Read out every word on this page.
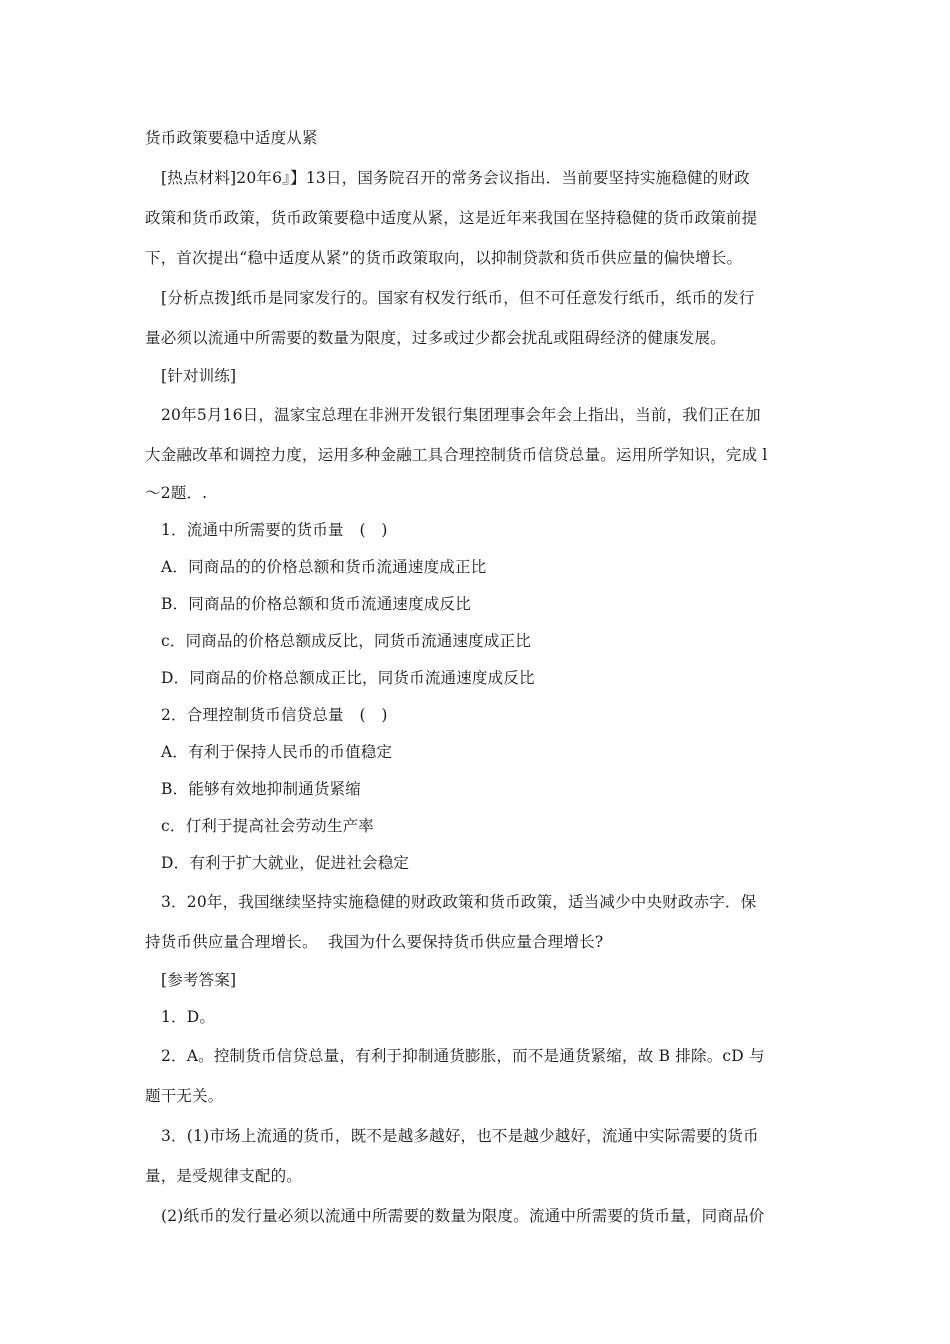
货币政策要稳中适度从紧
[热点材料]20年6』】13日，国务院召开的常务会议指出．当前要坚持实施稳健的财政
政策和货币政策，货币政策要稳中适度从紧，这是近年来我国在坚持稳健的货币政策前提
下，首次提出“稳中适度从紧”的货币政策取向，以抑制贷款和货币供应量的偏快增长。
[分析点拨]纸币是同家发行的。国家有权发行纸币，但不可任意发行纸币，纸币的发行
量必须以流通中所需要的数量为限度，过多或过少都会扰乱或阻碍经济的健康发展。
[针对训练]
20年5月16日，温家宝总理在非洲开发银行集团理事会年会上指出，当前，我们正在加
大金融改革和调控力度，运用多种金融工具合理控制货币信贷总量。运用所学知识，完成 l
～2题．.
1．流通中所需要的货币量　(　)
A．同商品的的价格总额和货币流通速度成正比
B．同商品的价格总额和货币流通速度成反比
c．同商品的价格总额成反比，同货币流通速度成正比
D．同商品的价格总额成正比，同货币流通速度成反比
2．合理控制货币信贷总量　(　)
A．有利于保持人民币的币值稳定
B．能够有效地抑制通货紧缩
c．仃利于提高社会劳动生产率
D．有利于扩大就业，促进社会稳定
3．20年，我国继续坚持实施稳健的财政政策和货币政策，适当减少中央财政赤字．保
持货币供应量合理增长。  我国为什么要保持货币供应量合理增长?
[参考答案]
1．D。
2．A。控制货币信贷总量，有利于抑制通货膨胀，而不是通货紧缩，故 B 排除。cD 与
题干无关。
3．(1)市场上流通的货币，既不是越多越好，也不是越少越好，流通中实际需要的货币
量，是受规律支配的。
(2)纸币的发行量必须以流通中所需要的数量为限度。流通中所需要的货币量，同商品价
